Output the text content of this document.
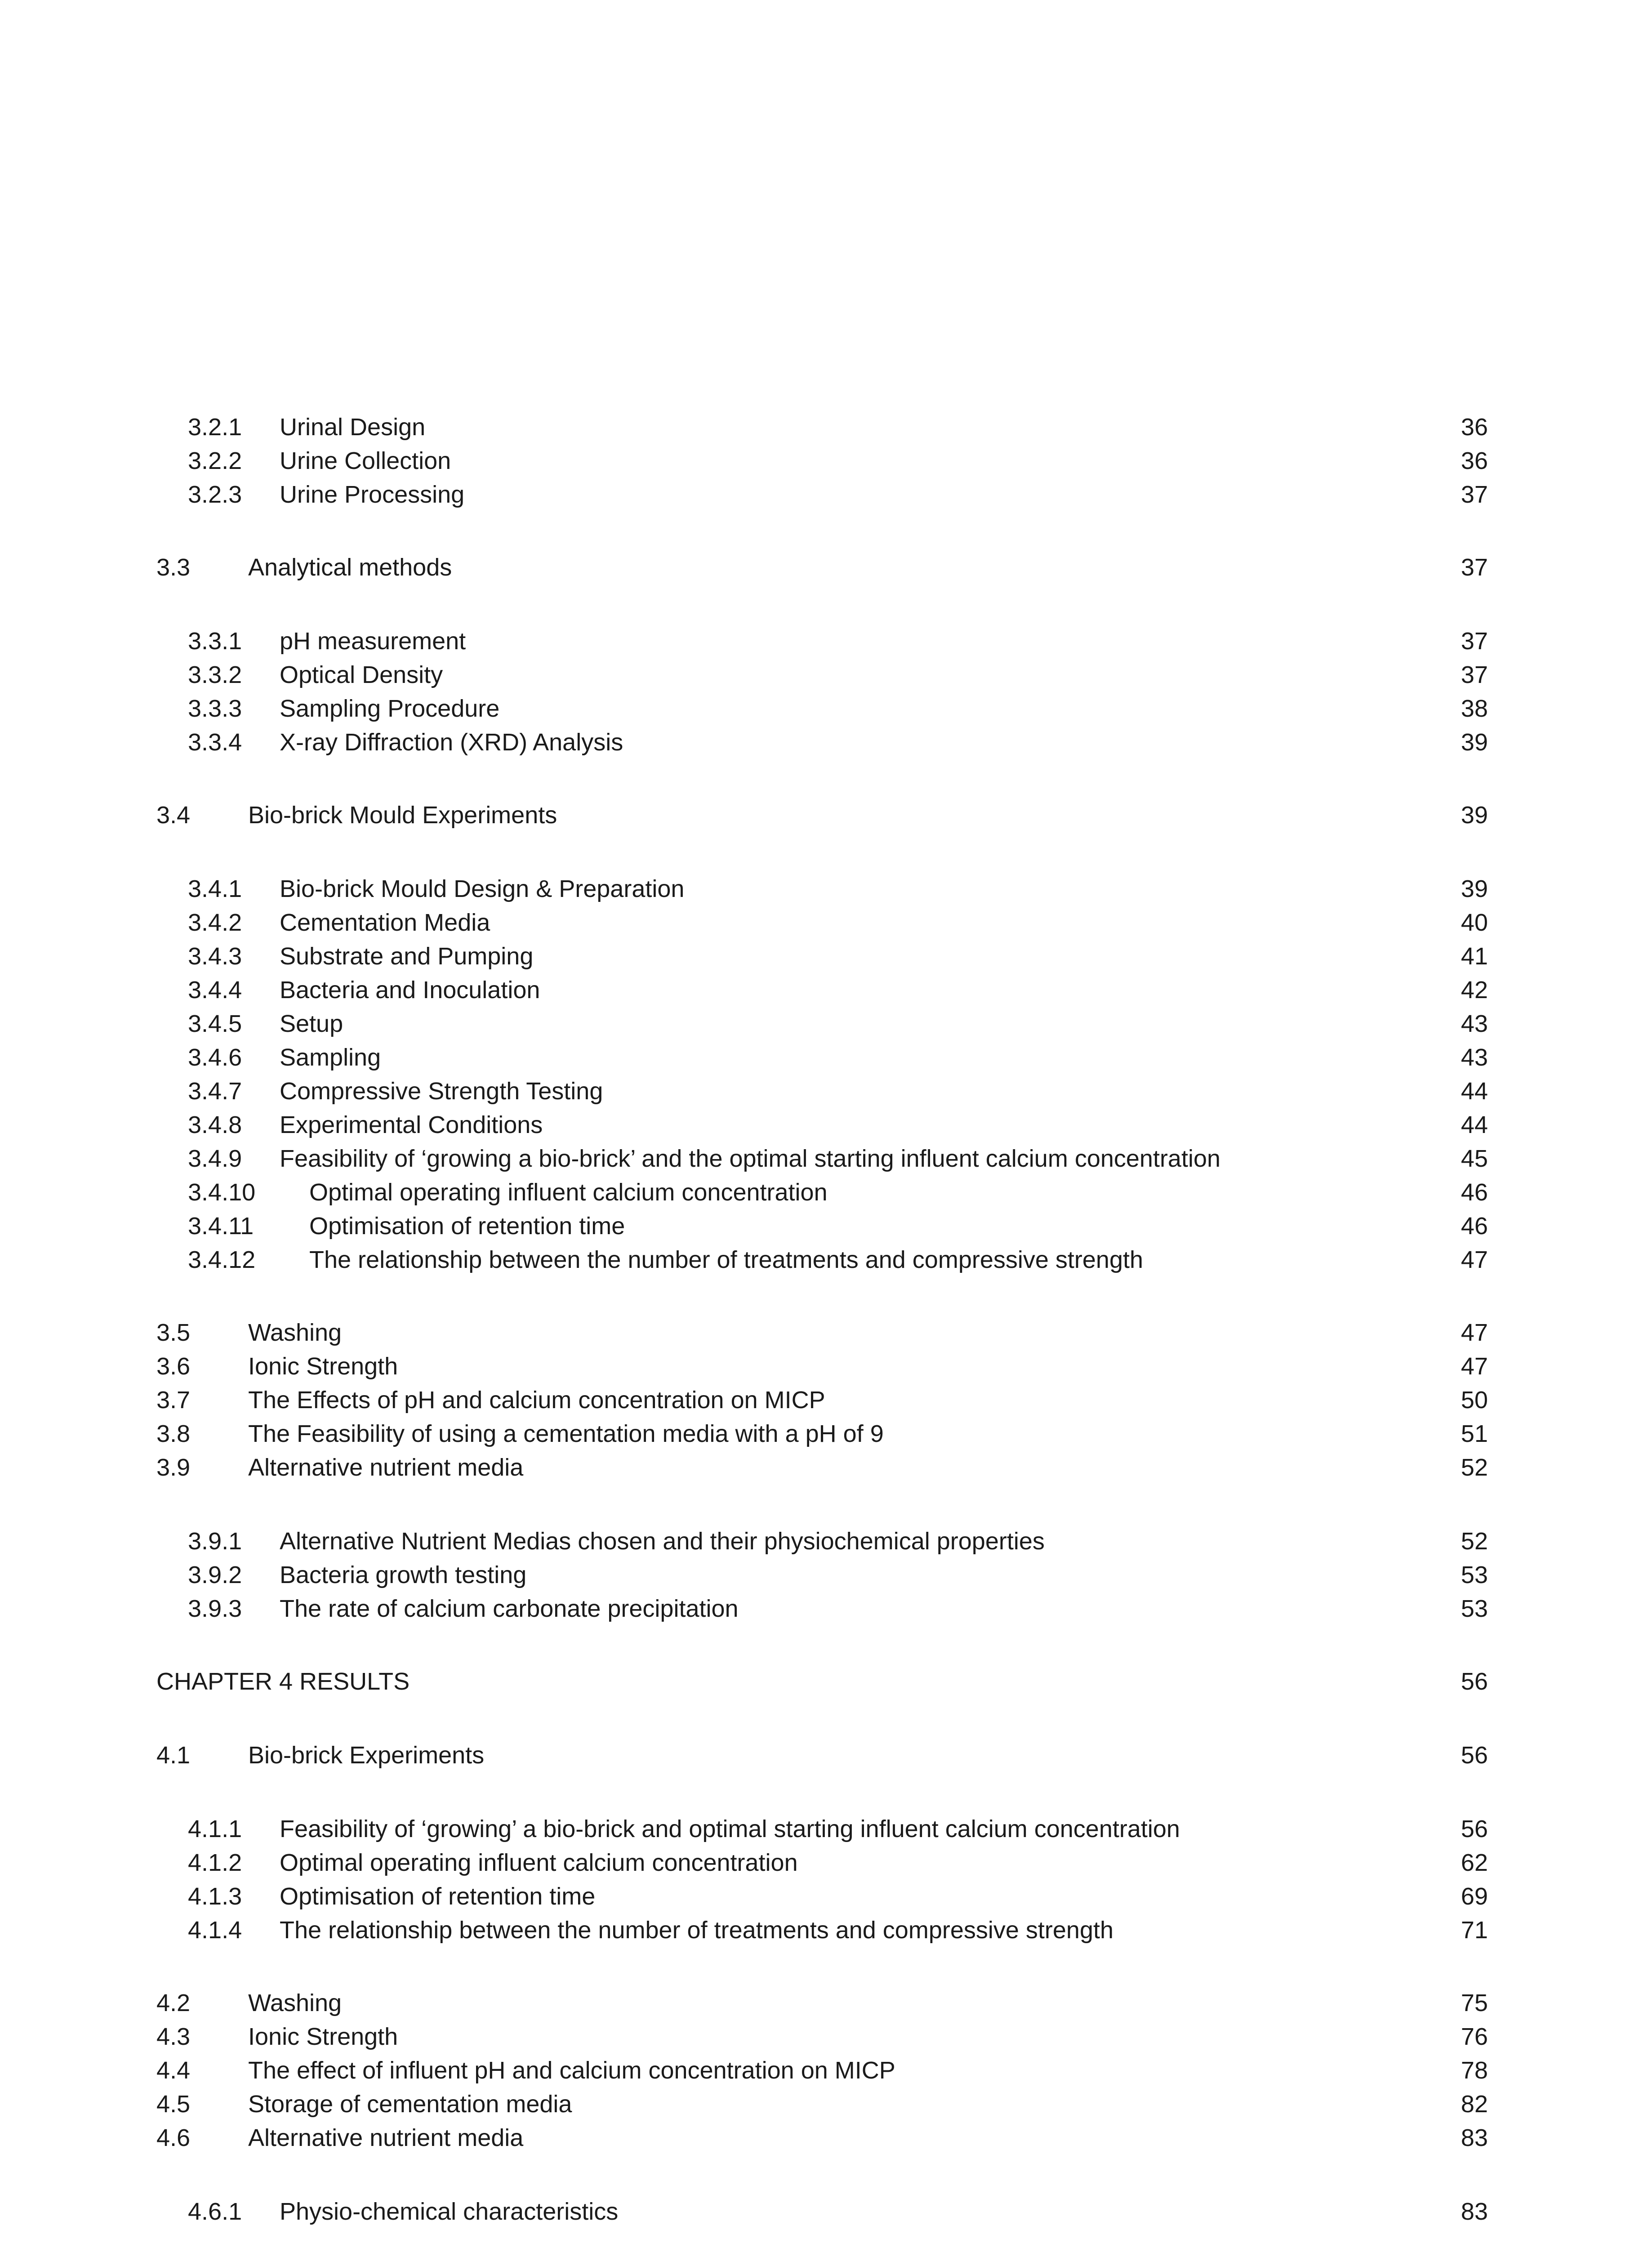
3.2.1 Urinal Design	36
3.2.2 Urine Collection	36
3.2.3 Urine Processing	37
3.3 Analytical methods	37
3.3.1 pH measurement	37
3.3.2 Optical Density	37
3.3.3 Sampling Procedure	38
3.3.4 X-ray Diffraction (XRD) Analysis	39
3.4 Bio-brick Mould Experiments	39
3.4.1 Bio-brick Mould Design & Preparation	39
3.4.2 Cementation Media	40
3.4.3 Substrate and Pumping	41
3.4.4 Bacteria and Inoculation	42
3.4.5 Setup	43
3.4.6 Sampling	43
3.4.7 Compressive Strength Testing	44
3.4.8 Experimental Conditions	44
3.4.9 Feasibility of ‘growing a bio-brick’ and the optimal starting influent calcium concentration	45
3.4.10 Optimal operating influent calcium concentration	46
3.4.11 Optimisation of retention time	46
3.4.12 The relationship between the number of treatments and compressive strength	47
3.5 Washing	47
3.6 Ionic Strength	47
3.7 The Effects of pH and calcium concentration on MICP	50
3.8 The Feasibility of using a cementation media with a pH of 9	51
3.9 Alternative nutrient media	52
3.9.1 Alternative Nutrient Medias chosen and their physiochemical properties	52
3.9.2 Bacteria growth testing	53
3.9.3 The rate of calcium carbonate precipitation	53
CHAPTER 4 RESULTS	56
4.1 Bio-brick Experiments	56
4.1.1 Feasibility of ‘growing’ a bio-brick and optimal starting influent calcium concentration	56
4.1.2 Optimal operating influent calcium concentration	62
4.1.3 Optimisation of retention time	69
4.1.4 The relationship between the number of treatments and compressive strength	71
4.2 Washing	75
4.3 Ionic Strength	76
4.4 The effect of influent pH and calcium concentration on MICP	78
4.5 Storage of cementation media	82
4.6 Alternative nutrient media	83
4.6.1 Physio-chemical characteristics	83
